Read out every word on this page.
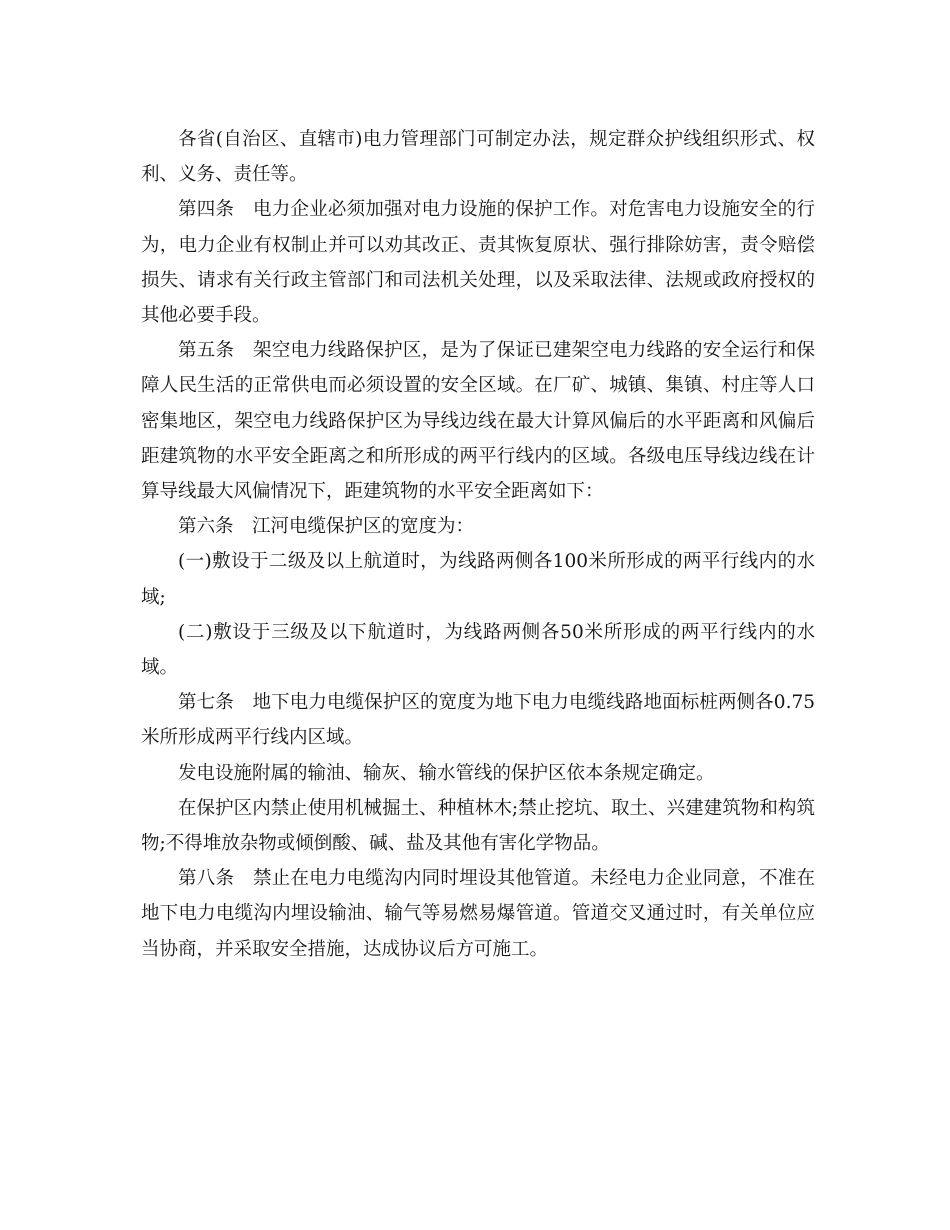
各省(自治区、直辖市)电力管理部门可制定办法，规定群众护线组织形式、权利、义务、责任等。

第四条　电力企业必须加强对电力设施的保护工作。对危害电力设施安全的行为，电力企业有权制止并可以劝其改正、责其恢复原状、强行排除妨害，责令赔偿损失、请求有关行政主管部门和司法机关处理，以及采取法律、法规或政府授权的其他必要手段。

第五条　架空电力线路保护区，是为了保证已建架空电力线路的安全运行和保障人民生活的正常供电而必须设置的安全区域。在厂矿、城镇、集镇、村庄等人口密集地区，架空电力线路保护区为导线边线在最大计算风偏后的水平距离和风偏后距建筑物的水平安全距离之和所形成的两平行线内的区域。各级电压导线边线在计算导线最大风偏情况下，距建筑物的水平安全距离如下：

第六条　江河电缆保护区的宽度为：

(一)敷设于二级及以上航道时，为线路两侧各100米所形成的两平行线内的水域;

(二)敷设于三级及以下航道时，为线路两侧各50米所形成的两平行线内的水域。

第七条　地下电力电缆保护区的宽度为地下电力电缆线路地面标桩两侧各0.75米所形成两平行线内区域。

发电设施附属的输油、输灰、输水管线的保护区依本条规定确定。

在保护区内禁止使用机械掘土、种植林木;禁止挖坑、取土、兴建建筑物和构筑物;不得堆放杂物或倾倒酸、碱、盐及其他有害化学物品。

第八条　禁止在电力电缆沟内同时埋设其他管道。未经电力企业同意，不准在地下电力电缆沟内埋设输油、输气等易燃易爆管道。管道交叉通过时，有关单位应当协商，并采取安全措施，达成协议后方可施工。
